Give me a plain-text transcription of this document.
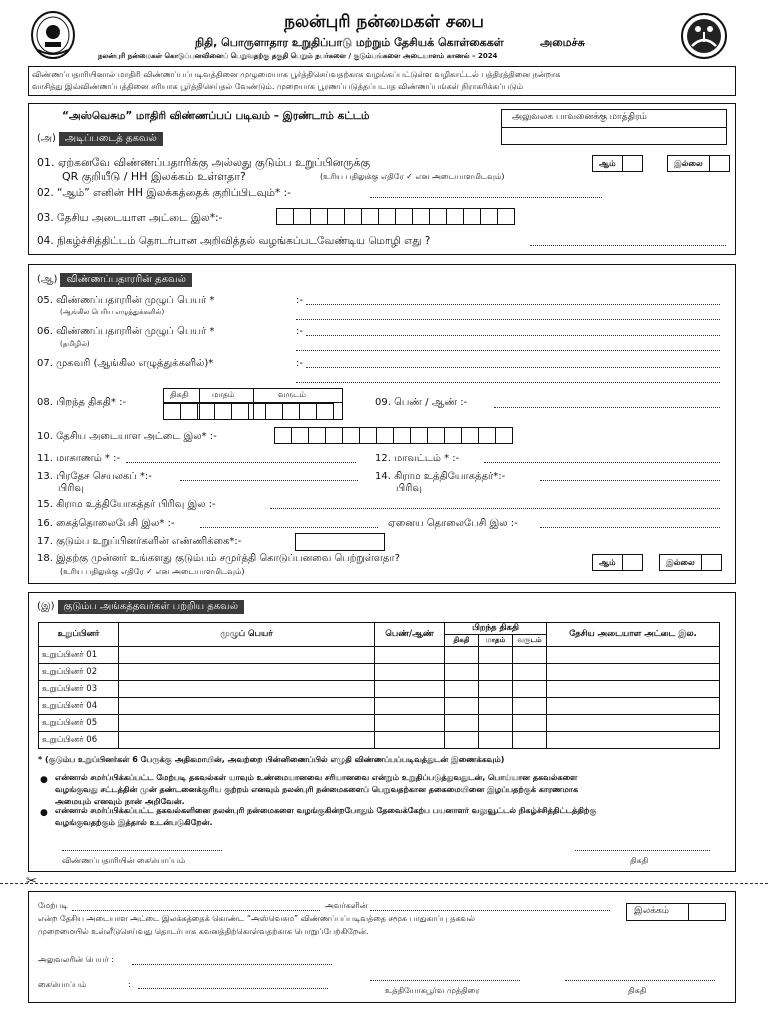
நலன்புரி நன்மைகள் சபை
நிதி, பொருளாதார உறுதிப்பாடு மற்றும் தேசியக் கொள்கைகள்	அமைச்சு
நலன்புரி நன்மைகள் கொடுப்பனவினைப் பெறுவதற்கு தகுதி பெறும் நபர்களை / குடும்பங்களை அடையாளம் காணல் – 2024
விண்ணப்பதாரியினால் மாதிரி விண்ணப்பப்படிவத்தினை முழுமையாக பூர்த்திசெய்வதற்காக வழங்கப்பட்டுள்ள வழிகாட்டல் பத்திரத்தினை நன்றாக
வாசித்து இவ்விண்ணப்பத்தினை சரியாக பூர்த்திசெய்தல் வேண்டும். முறையாக பூரணப்படுத்தப்படாத விண்ணப்பங்கள் நிராகரிக்கப்படும்
“அஸ்வெசும” மாதிரி விண்ணப்பப் படிவம் – இரண்டாம் கட்டம்	அலுவலக பாவனைக்கு மாத்திரம்
(அ) அடிப்படைத் தகவல்
01. ஏற்கனவே விண்ணப்பதாரிக்கு அல்லது குடும்ப உறுப்பினருக்கு
QR குறியீடு / HH இலக்கம் உள்ளதா?	(உரிய பதிலுக்கு எதிரே ✓ என அடையாளமிடவும்)
ஆம்	இல்லை
02. “ஆம்” எனின் HH இலக்கத்தைக் குறிப்பிடவும்* :-
03. தேசிய அடையாள அட்டை இல*:-
04. நிகழ்ச்சித்திட்டம் தொடர்பான அறிவித்தல் வழங்கப்படவேண்டிய மொழி எது ?
(ஆ) விண்ணப்பதாரரின் தகவல்
05. விண்ணப்பதாரரின் முழுப் பெயர் *
(ஆங்கில பெரிய எழுத்துக்களில்)
:-
06. விண்ணப்பதாரரின் முழுப் பெயர் *
(தமிழில்)
:-
07. முகவரி (ஆங்கில எழுத்துக்களில்)*	:-
08. பிறந்த திகதி* :-
திகதி	மாதம்	வருடம்
09. பெண் / ஆண் :-
10. தேசிய அடையாள அட்டை இல* :-
11. மாகாணம் * :-	12. மாவட்டம் * :-
13. பிரதேச செயலகப் *:-
பிரிவு
14. கிராம உத்தியோகத்தர்*:-
பிரிவு
15. கிராம உத்தியோகத்தர் பிரிவு இல :-
16. கைத்தொலைபேசி இல* :-	ஏனைய தொலைபேசி இல :-
17. குடும்ப உறுப்பினர்களின் எண்ணிக்கை*:-
18. இதற்கு முன்னர் உங்களது குடும்பம் சமுர்த்தி கொடுப்பனவை பெற்றுள்ளதா?
(உரிய பதிலுக்கு எதிரே ✓ என அடையாளமிடவும்)
ஆம்	இல்லை
(இ) குடும்ப அங்கத்தவர்கள் பற்றிய தகவல்
உறுப்பினர்	முழுப் பெயர்	பெண்/ஆண்	பிறந்த திகதி			தேசிய அடையாள அட்டை இல.
			திகதி	மாதம்	வருடம்	
உறுப்பினர் 01						
உறுப்பினர் 02						
உறுப்பினர் 03						
உறுப்பினர் 04						
உறுப்பினர் 05						
உறுப்பினர் 06						
* (குடும்ப உறுப்பினர்கள் 6 பேருக்கு அதிகமாயின், அவற்றை பின்னிணைப்பில் எழுதி விண்ணப்பப்படிவத்துடன் இணைக்கவும்)
● என்னால் சமர்ப்பிக்கப்பட்ட மேற்படி தகவல்கள் யாவும் உண்மையானவை சரியானவை என்றும் உறுதிப்படுத்துவதுடன், பொய்யான தகவல்களை
வழங்குவது சட்டத்தின் முன் தண்டனைக்குரிய குற்றம் எனவும் நலன்புரி நன்மைகளைப் பெறுவதற்கான தகைமையினை இழப்பதற்குக் காரணமாக
அமையும் எனவும் நான் அறிவேன்.
● என்னால் சமர்ப்பிக்கப்பட்ட தகவல்களினை நலன்புரி நன்மைகளை வழங்குகின்றபோதும் தேவைக்கேற்ப பயனாளர் வலுவூட்டல் நிகழ்ச்சித்திட்டத்திற்கு
வழங்குவதற்கும் இத்தால் உடன்படுகிறேன்.
விண்ணப்பதாரியின் கையொப்பம்	திகதி
✂
மேற்படி	அவர்களின்
என்ற தேசிய அடையாள அட்டை இலக்கத்தைக் கொண்ட “அஸ்வெசும” விண்ணப்பப்படிவத்தை சமூக பாதுகாப்பு தகவல்
முறைமையில் உள்ளீடுசெய்வது தொடர்பாக கவனத்திற்கொள்வதற்காக பொறுப்பேற்கிறேன்.
இலக்கம்
அலுவலரின் பெயர் :
கையொப்பம்	:
உத்தியோகபூர்வ முத்திரை	திகதி
